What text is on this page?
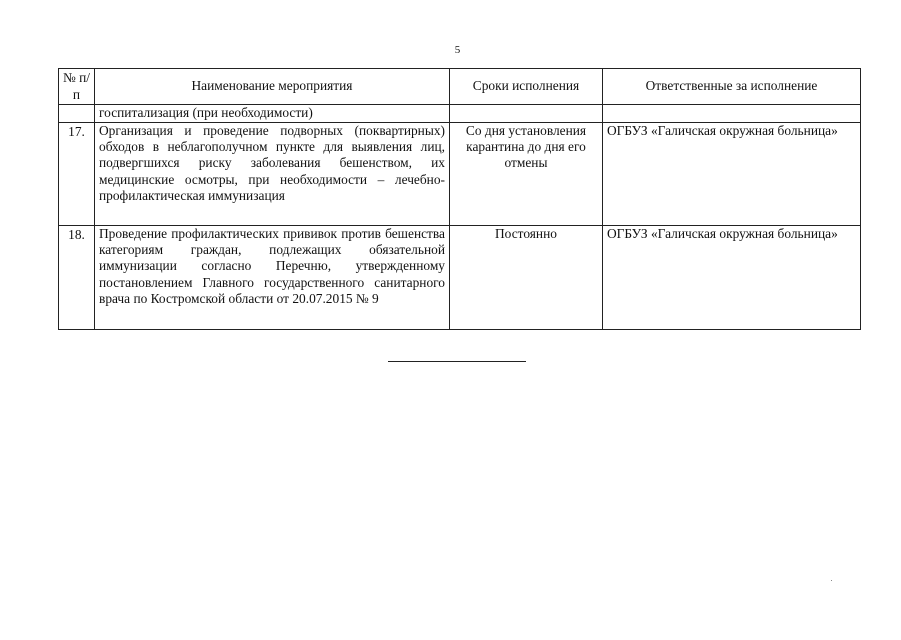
5
№ п/п	Наименование мероприятия	Сроки исполнения	Ответственные за исполнение
	госпитализация (при необходимости)		
17.	Организация и проведение подворных (поквартирных) обходов в неблагополучном пункте для выявления лиц, подвергшихся риску заболевания бешенством, их медицинские осмотры, при необходимости – лечебно-профилактическая иммунизация	Со дня установления карантина до дня его отмены	ОГБУЗ «Галичская окружная больница»
18.	Проведение профилактических прививок против бешенства категориям граждан, подлежащих обязательной иммунизации согласно Перечню, утвержденному постановлением Главного государственного санитарного врача по Костромской области от 20.07.2015 № 9	Постоянно	ОГБУЗ «Галичская окружная больница»
